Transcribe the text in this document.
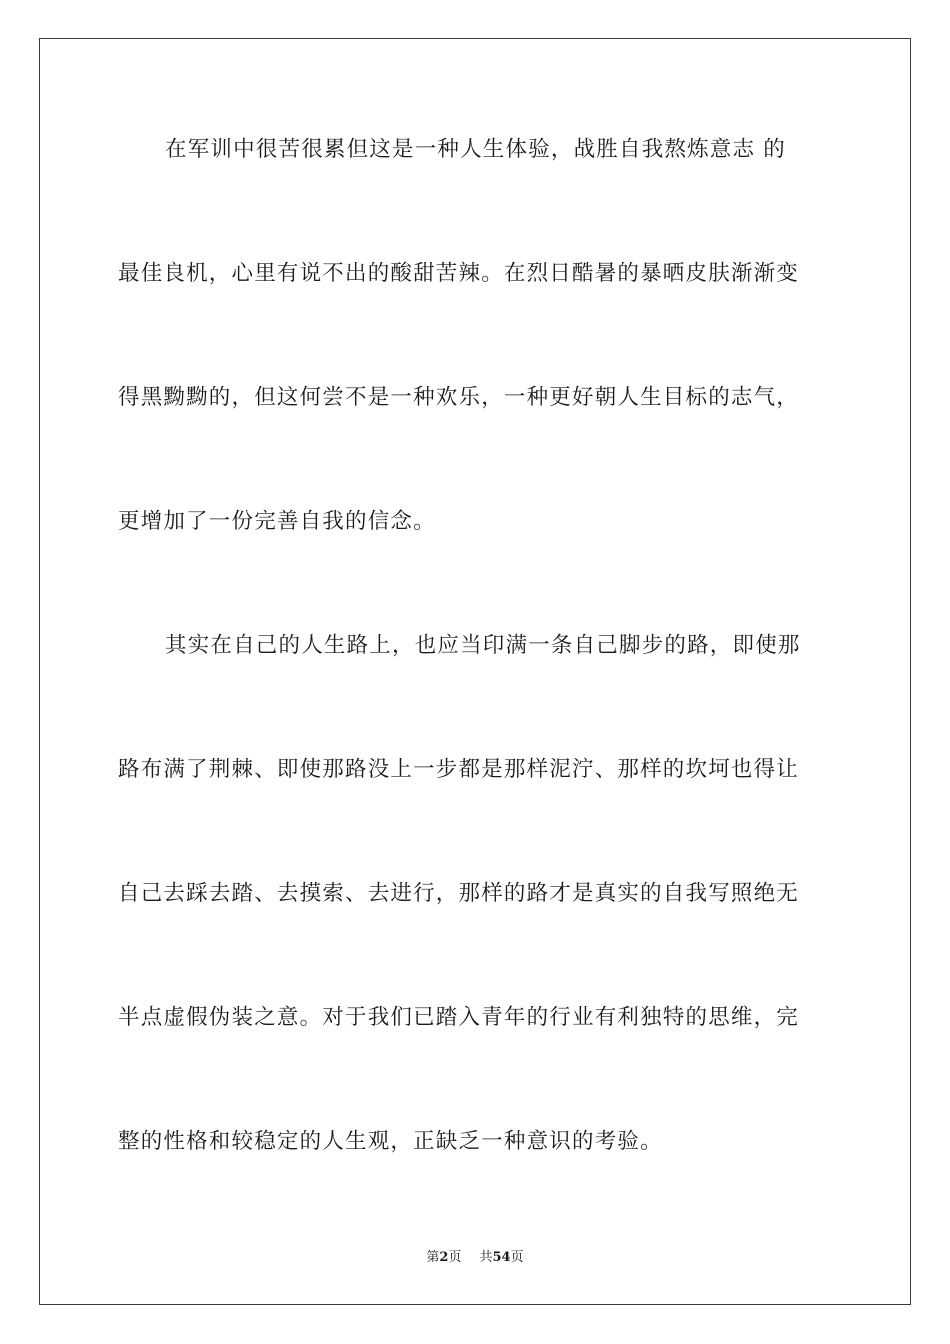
在军训中很苦很累但这是一种人生体验，战胜自我熬炼意志 的
最佳良机，心里有说不出的酸甜苦辣。在烈日酷暑的暴晒皮肤渐渐变
得黑黝黝的，但这何尝不是一种欢乐，一种更好朝人生目标的志气，
更增加了一份完善自我的信念。
其实在自己的人生路上，也应当印满一条自己脚步的路，即使那
路布满了荆棘、即使那路没上一步都是那样泥泞、那样的坎坷也得让
自己去踩去踏、去摸索、去进行，那样的路才是真实的自我写照绝无
半点虚假伪装之意。对于我们已踏入青年的行业有利独特的思维，完
整的性格和较稳定的人生观，正缺乏一种意识的考验。
第2页 共54页
